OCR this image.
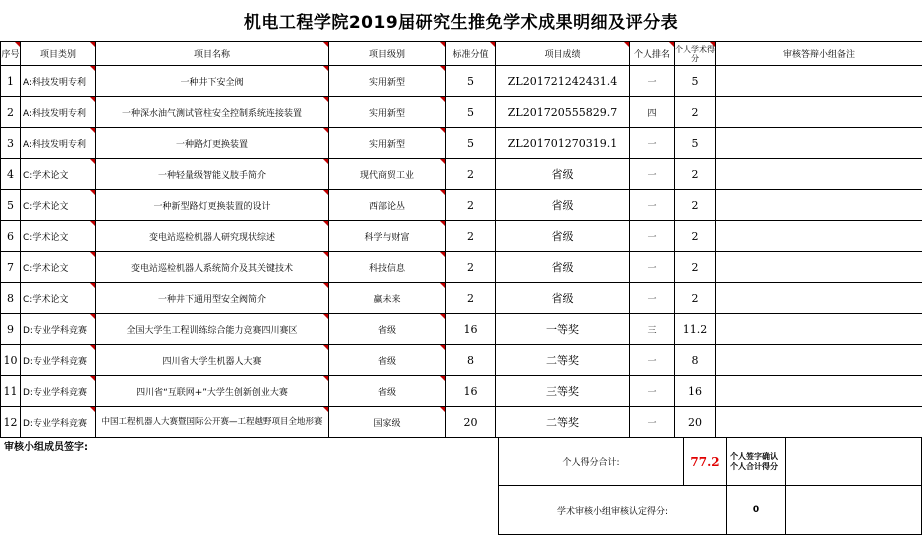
机电工程学院2019届研究生推免学术成果明细及评分表
序号	项目类别	项目名称	项目级别	标准分值	项目成绩	个人排名	个人学术得分	审核答辩小组备注
1	A:科技发明专利	一种井下安全阀	实用新型	5	ZL201721242431.4	一	5	
2	A:科技发明专利	一种深水油气测试管柱安全控制系统连接装置	实用新型	5	ZL201720555829.7	四	2	
3	A:科技发明专利	一种路灯更换装置	实用新型	5	ZL201701270319.1	一	5	
4	C:学术论文	一种轻量级智能义肢手简介	现代商贸工业	2	省级	一	2	
5	C:学术论文	一种新型路灯更换装置的设计	西部论丛	2	省级	一	2	
6	C:学术论文	变电站巡检机器人研究现状综述	科学与财富	2	省级	一	2	
7	C:学术论文	变电站巡检机器人系统简介及其关键技术	科技信息	2	省级	一	2	
8	C:学术论文	一种井下通用型安全阀简介	赢未来	2	省级	一	2	
9	D:专业学科竞赛	全国大学生工程训练综合能力竞赛四川赛区	省级	16	一等奖	三	11.2	
10	D:专业学科竞赛	四川省大学生机器人大赛	省级	8	二等奖	一	8	
11	D:专业学科竞赛	四川省“互联网+”大学生创新创业大赛	省级	16	三等奖	一	16	
12	D:专业学科竞赛	中国工程机器人大赛暨国际公开赛—工程越野项目全地形赛	国家级	20	二等奖	一	20	
审核小组成员签字:
个人得分合计:	77.2	个人签字确认个人合计得分
学术审核小组审核认定得分:	0
